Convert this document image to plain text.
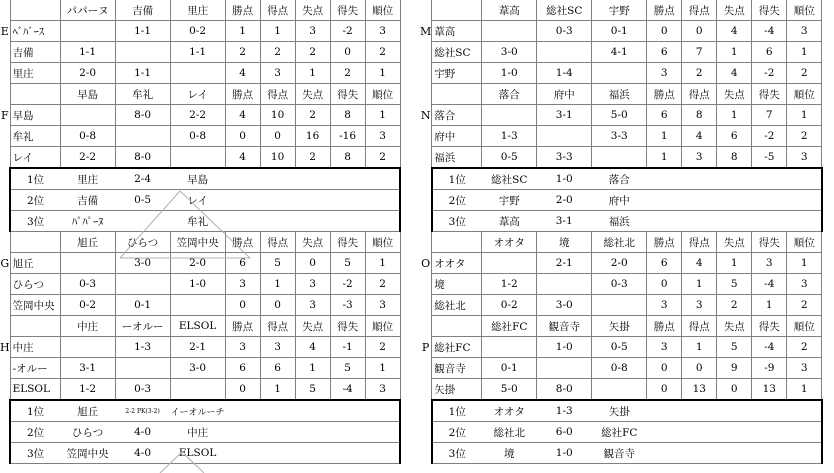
		パパーヌ	吉備	里庄	勝点	得点	失点	得失	順位
E	ﾍﾞﾊﾞｰｽ		1-1	0-2	1	1	3	-2	3
	吉備	1-1		1-1	2	2	2	0	2
	里庄	2-0	1-1		4	3	1	2	1
		早島	牟礼	レイ	勝点	得点	失点	得失	順位
F	早島		8-0	2-2	4	10	2	8	1
	牟礼	0-8		0-8	0	0	16	-16	3
	レイ	2-2	8-0		4	10	2	8	2
	1位	里庄	2-4	早島					
	2位	吉備	0-5	レイ					
	3位	ﾊﾟﾊﾟｰﾇ		牟礼					
		旭丘	ひらつ	笠岡中央	勝点	得点	失点	得失	順位
G	旭丘		3-0	2-0	6	5	0	5	1
	ひらつ	0-3		1-0	3	1	3	-2	2
	笠岡中央	0-2	0-1		0	0	3	-3	3
		中庄	ーオルー	ELSOL	勝点	得点	失点	得失	順位
H	中庄		1-3	2-1	3	3	4	-1	2
	-オルー	3-1		3-0	6	6	1	5	1
	ELSOL	1-2	0-3		0	1	5	-4	3
	1位	旭丘	2-2 PK(3-2)	イーオルーチ					
	2位	ひらつ	4-0	中庄					
	3位	笠岡中央	4-0	ELSOL					
		葦高	総社SC	宇野	勝点	得点	失点	得失	順位
M	葦高		0-3	0-1	0	0	4	-4	3
	総社SC	3-0		4-1	6	7	1	6	1
	宇野	1-0	1-4		3	2	4	-2	2
		落合	府中	福浜	勝点	得点	失点	得失	順位
N	落合		3-1	5-0	6	8	1	7	1
	府中	1-3		3-3	1	4	6	-2	2
	福浜	0-5	3-3		1	3	8	-5	3
	1位	総社SC	1-0	落合					
	2位	宇野	2-0	府中					
	3位	葦高	3-1	福浜					
		オオタ	境	総社北	勝点	得点	失点	得失	順位
O	オオタ		2-1	2-0	6	4	1	3	1
	境	1-2		0-3	0	1	5	-4	3
	総社北	0-2	3-0		3	3	2	1	2
		総社FC	観音寺	矢掛	勝点	得点	失点	得失	順位
P	総社FC		1-0	0-5	3	1	5	-4	2
	観音寺	0-1		0-8	0	0	9	-9	3
	矢掛	5-0	8-0		0	13	0	13	1
	1位	オオタ	1-3	矢掛					
	2位	総社北	6-0	総社FC					
	3位	境	1-0	観音寺					
